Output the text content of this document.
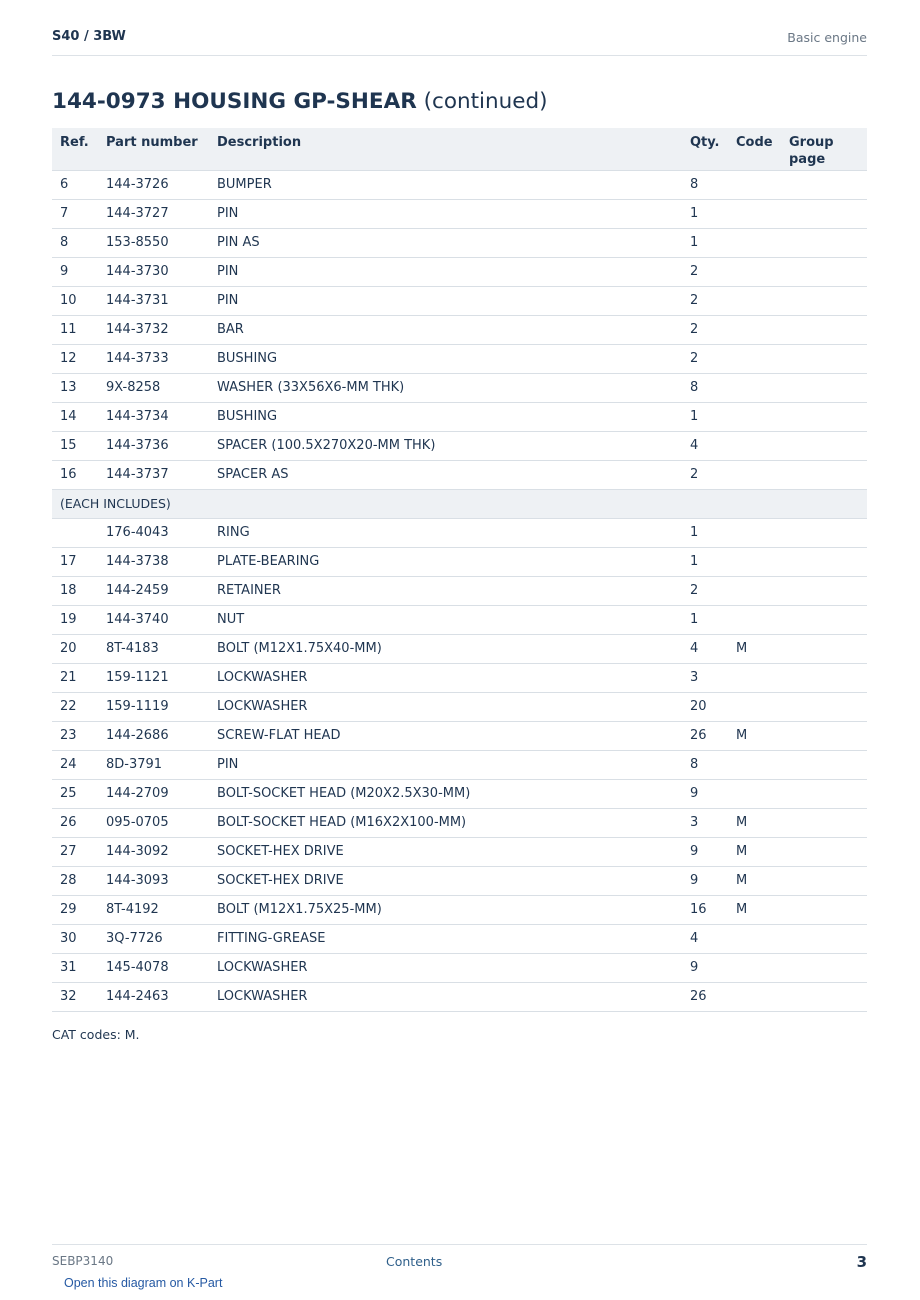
S40 / 3BW	Basic engine
144-0973 HOUSING GP-SHEAR (continued)
Ref.	Part number	Description	Qty.	Code	Group page
6	144-3726	BUMPER	8		
7	144-3727	PIN	1		
8	153-8550	PIN AS	1		
9	144-3730	PIN	2		
10	144-3731	PIN	2		
11	144-3732	BAR	2		
12	144-3733	BUSHING	2		
13	9X-8258	WASHER (33X56X6-MM THK)	8		
14	144-3734	BUSHING	1		
15	144-3736	SPACER (100.5X270X20-MM THK)	4		
16	144-3737	SPACER AS	2		
(EACH INCLUDES)					
	176-4043	RING	1		
17	144-3738	PLATE-BEARING	1		
18	144-2459	RETAINER	2		
19	144-3740	NUT	1		
20	8T-4183	BOLT (M12X1.75X40-MM)	4	M	
21	159-1121	LOCKWASHER	3		
22	159-1119	LOCKWASHER	20		
23	144-2686	SCREW-FLAT HEAD	26	M	
24	8D-3791	PIN	8		
25	144-2709	BOLT-SOCKET HEAD (M20X2.5X30-MM)	9		
26	095-0705	BOLT-SOCKET HEAD (M16X2X100-MM)	3	M	
27	144-3092	SOCKET-HEX DRIVE	9	M	
28	144-3093	SOCKET-HEX DRIVE	9	M	
29	8T-4192	BOLT (M12X1.75X25-MM)	16	M	
30	3Q-7726	FITTING-GREASE	4		
31	145-4078	LOCKWASHER	9		
32	144-2463	LOCKWASHER	26		
CAT codes: M.
SEBP3140	Contents	3
Open this diagram on K-Part
